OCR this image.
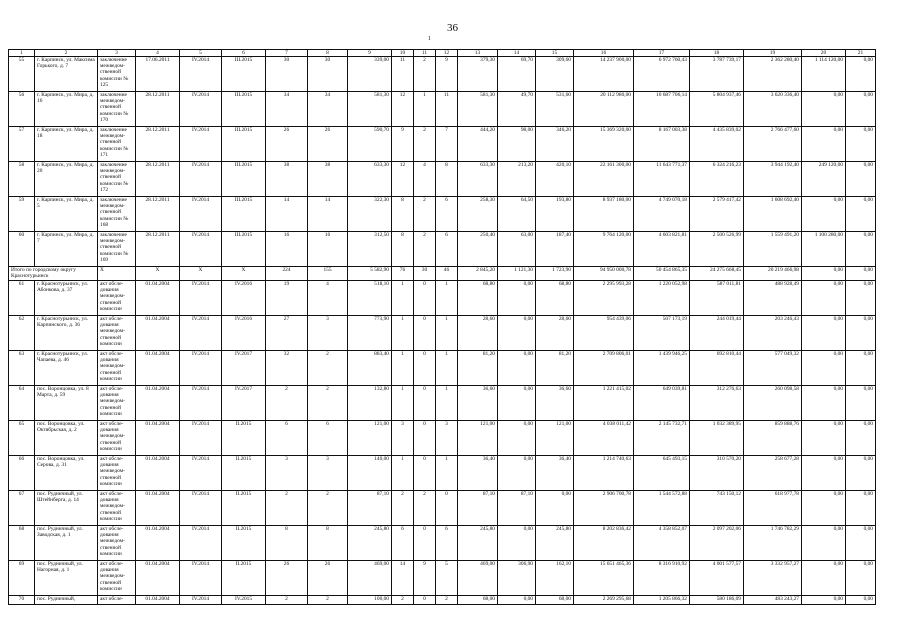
36
1
1	2	3	4	5	6	7	8	9	10	11	12	13	14	15	16	17	18	19	20	21
55	г. Карпинск, ул. Максима Горького, д. 7	заключение межведом- ственной комиссии № 125	17.06.2011	IV.2014	III.2015	30	30	339,00	11	2	9	379,30	69,70	309,60	14 237 900,00	6 972 760,43	3 787 739,17	2 362 280,40	1 114 120,00	0,00
56	г. Карпинск, ул. Мира, д. 16	заключение межведом- ственной комиссии № 170	28.12.2011	IV.2014	III.2015	34	34	581,30	12	1	11	581,30	49,70	531,60	20 112 980,00	10 687 706,14	5 804 937,46	3 620 336,40	0,00	0,00
57	г. Карпинск, ул. Мира, д. 18	заключение межведом- ственной комиссии № 171	28.12.2011	IV.2014	III.2015	26	26	590,70	9	2	7	444,20	98,00	346,20	15 369 320,00	8 167 003,38	4 435 839,02	2 766 477,60	0,00	0,00
58	г. Карпинск, ул. Мира, д. 20	заключение межведом- ственной комиссии № 172	28.12.2011	IV.2014	III.2015	38	38	633,30	12	4	8	633,30	213,20	420,10	22 161 300,00	11 643 771,37	6 324 216,23	3 944 192,40	249 120,00	0,00
59	г. Карпинск, ул. Мира, д. 5	заключение межведом- ственной комиссии № 168	28.12.2011	IV.2014	III.2015	14	14	322,30	8	2	6	258,30	64,50	193,80	8 937 180,00	4 749 070,18	2 579 417,42	1 608 692,40	0,00	0,00
60	г. Карпинск, ул. Мира, д. 7	заключение межведом- ственной комиссии № 169	28.12.2011	IV.2014	III.2015	16	16	312,50	8	2	6	250,40	63,00	187,40	9 764 120,00	4 603 821,81	2 500 526,99	1 559 491,20	1 100 280,00	0,00
Итого по городскому округу Краснотурьинск		Х	Х	Х	Х	224	155	5 582,90	76	30	46	2 845,20	1 121,30	1 723,90	94 950 000,78	50 454 865,35	24 275 668,45	20 219 466,98	0,00	0,00
61	г. Краснотурьинск, ул. Абонкова, д. 37	акт обсле- дования межведом- ственной комиссии	01.04.2004	IV.2014	IV.2016	19	4	518,10	1	0	1	68,80	0,00	68,80	2 295 993,28	1 220 052,98	587 011,81	488 928,49	0,00	0,00
62	г. Краснотурьинск, ул. Карпинского, д. 36	акт обсле- дования межведом- ственной комиссии	01.04.2004	IV.2014	IV.2016	27	3	773,90	1	0	1	28,60	0,00	28,60	954 439,06	507 173,19	244 019,44	203 246,43	0,00	0,00
63	г. Краснотурьинск, ул. Чапаева, д. 46	акт обсле- дования межведом- ственной комиссии	01.04.2004	IV.2014	IV.2017	32	2	883,40	1	0	1	81,20	0,00	81,20	2 709 806,01	1 439 946,25	692 810,44	577 049,32	0,00	0,00
64	пос. Воронцовка, ул. 8 Марта, д. 59	акт обсле- дования межведом- ственной комиссии	01.04.2004	IV.2014	IV.2017	2	2	132,80	1	0	1	36,60	0,00	36,60	1 221 415,02	649 039,81	312 276,63	260 098,58	0,00	0,00
65	пос. Воронцовка, ул. Октябрьская, д. 2	акт обсле- дования межведом- ственной комиссии	01.04.2004	IV.2014	II.2015	6	6	121,00	3	0	3	121,00	0,00	121,00	4 038 011,42	2 145 732,71	1 032 389,95	859 888,76	0,00	0,00
66	пос. Воронцовка, ул. Серова, д. 31	акт обсле- дования межведом- ственной комиссии	01.04.2004	IV.2014	II.2015	3	3	140,00	1	0	1	36,40	0,00	36,40	1 214 740,63	645 493,15	310 570,20	258 677,28	0,00	0,00
67	пос. Рудничный, ул. Штейнберга, д. 14	акт обсле- дования межведом- ственной комиссии	01.04.2004	IV.2014	II.2015	2	2	87,10	2	2	0	87,10	87,10	0,00	2 906 700,78	1 544 572,88	743 150,12	618 977,78	0,00	0,00
68	пос. Рудничный, ул. Заводская, д. 1	акт обсле- дования межведом- ственной комиссии	01.04.2004	IV.2014	II.2015	8	8	245,80	6	0	6	245,80	0,00	245,80	8 202 836,42	4 358 852,07	2 097 202,06	1 746 782,29	0,00	0,00
69	пос. Рудничный, ул. Нагорная, д. 1	акт обсле- дования межведом- ственной комиссии	01.04.2004	IV.2014	II.2015	26	26	469,00	14	9	5	469,00	306,90	162,10	15 651 465,36	8 316 910,92	4 001 577,57	3 332 957,27	0,00	0,00
70	пос. Рудничный,	акт обсле-	01.04.2004	IV.2014	IV.2015	2	2	100,00	2	0	2	68,00	0,00	68,00	2 269 295,68	1 205 866,32	580 186,09	483 243,27	0,00	0,00
